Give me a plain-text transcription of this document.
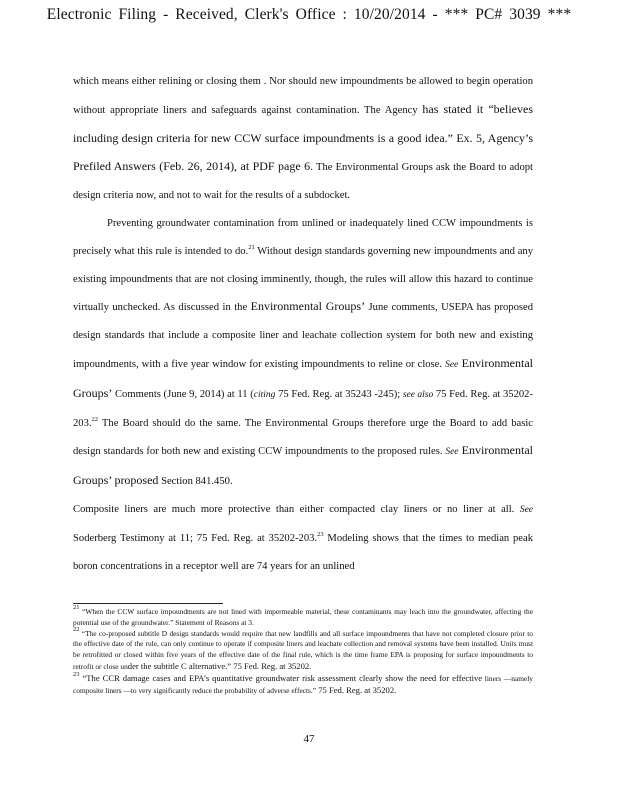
Electronic Filing - Received, Clerk's Office : 10/20/2014 - *** PC# 3039 ***

which means either relining or closing them . Nor should new impoundments be allowed to begin operation without appropriate liners and safeguards against contamination. The Agency has stated it “believes including design criteria for new CCW surface impoundments is a good idea.” Ex. 5, Agency’s Prefiled Answers (Feb. 26, 2014), at PDF page 6. The Environmental Groups ask the Board to adopt design criteria now, and not to wait for the results of a subdocket.

Preventing groundwater contamination from unlined or inadequately lined CCW impoundments is precisely what this rule is intended to do.$^{21}$ Without design standards governing new impoundments and any existing impoundments that are not closing imminently, though, the rules will allow this hazard to continue virtually unchecked. As discussed in the Environmental Groups’ June comments, USEPA has proposed design standards that include a composite liner and leachate collection system for both new and existing impoundments, with a five year window for existing impoundments to reline or close. See Environmental Groups’ Comments (June 9, 2014) at 11 (citing 75 Fed. Reg. at 35243 -245); see also 75 Fed. Reg. at 35202-203.22 The Board should do the same. The Environmental Groups therefore urge the Board to add basic design standards for both new and existing CCW impoundments to the proposed rules. See Environmental Groups’ proposed Section 841.450.

Composite liners are much more protective than either compacted clay liners or no liner at all. See Soderberg Testimony at 11; 75 Fed. Reg. at 35202-203.23 Modeling shows that the times to median peak boron concentrations in a receptor well are 74 years for an unlined

$^{21}$ “When the CCW surface impoundments are not lined with impermeable material, these contaminants may leach into the groundwater, affecting the potential use of the groundwater.” Statement of Reasons at 3.

$^{22}$ “The co-proposed subtitle D design standards would require that new landfills and all surface impoundments that have not completed closure prior to the effective date of the rule, can only continue to operate if composite liners and leachate collection and removal systems have been installed. Units must be retrofitted or closed within five years of the effective date of the final rule, which is the time frame EPA is proposing for surface impoundments to retrofit or close under the subtitle C alternative.” 75 Fed. Reg. at 35202.

$^{23}$ “The CCR damage cases and EPA’s quantitative groundwater risk assessment clearly show the need for effective liners —namely composite liners —to very significantly reduce the probability of adverse effects.” 75 Fed. Reg. at 35202.

47
